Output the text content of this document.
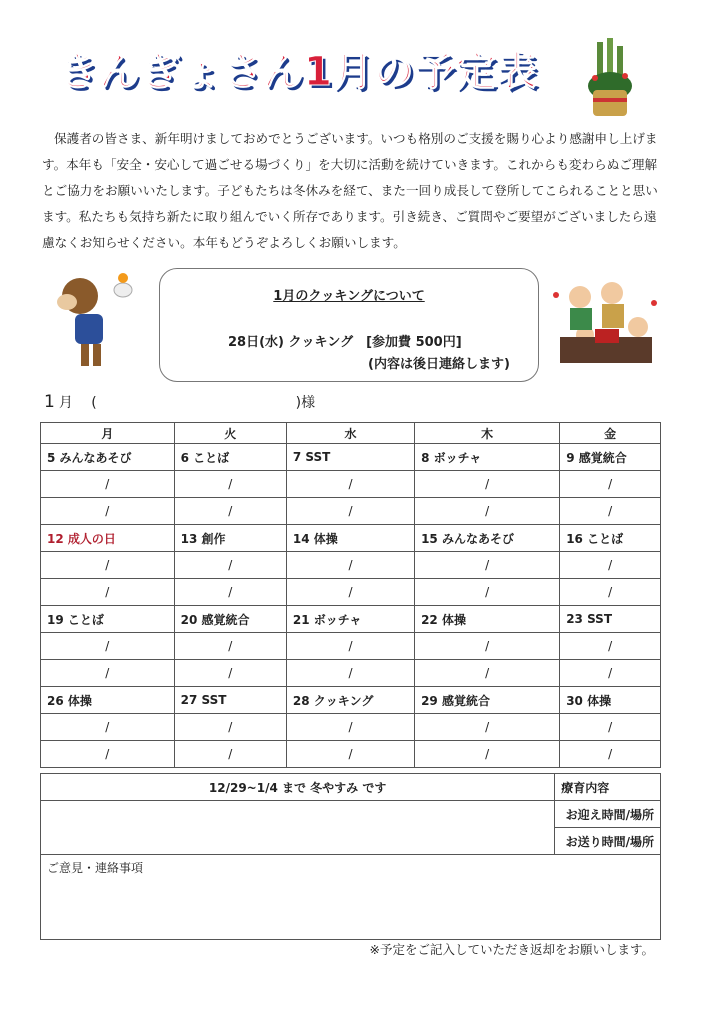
きんぎょさん1月の予定表
保護者の皆さま、新年明けましておめでとうございます。いつも格別のご支援を賜り心より感謝申し上げます。本年も「安全・安心して過ごせる場づくり」を大切に活動を続けていきます。これからも変わらぬご理解とご協力をお願いいたします。子どもたちは冬休みを経て、また一回り成長して登所してこられることと思います。私たちも気持ち新たに取り組んでいく所存であります。引き続き、ご質問やご要望がございましたら遠慮なくお知らせください。本年もどうぞよろしくお願いします。
1月のクッキングについて
28日(水) クッキング　[参加費 500円]
(内容は後日連絡します)
1 月 (	)様
月	火	水	木	金
5 みんなあそび	6 ことば	7 SST	8 ボッチャ	9 感覚統合
/	/	/	/	/
/	/	/	/	/
12 成人の日	13 創作	14 体操	15 みんなあそび	16 ことば
/	/	/	/	/
/	/	/	/	/
19 ことば	20 感覚統合	21 ボッチャ	22 体操	23 SST
/	/	/	/	/
/	/	/	/	/
26 体操	27 SST	28 クッキング	29 感覚統合	30 体操
/	/	/	/	/
/	/	/	/	/
12/29~1/4 まで 冬やすみ です	療育内容
	お迎え時間/場所
	お送り時間/場所
ご意見・連絡事項	
※予定をご記入していただき返却をお願いします。
